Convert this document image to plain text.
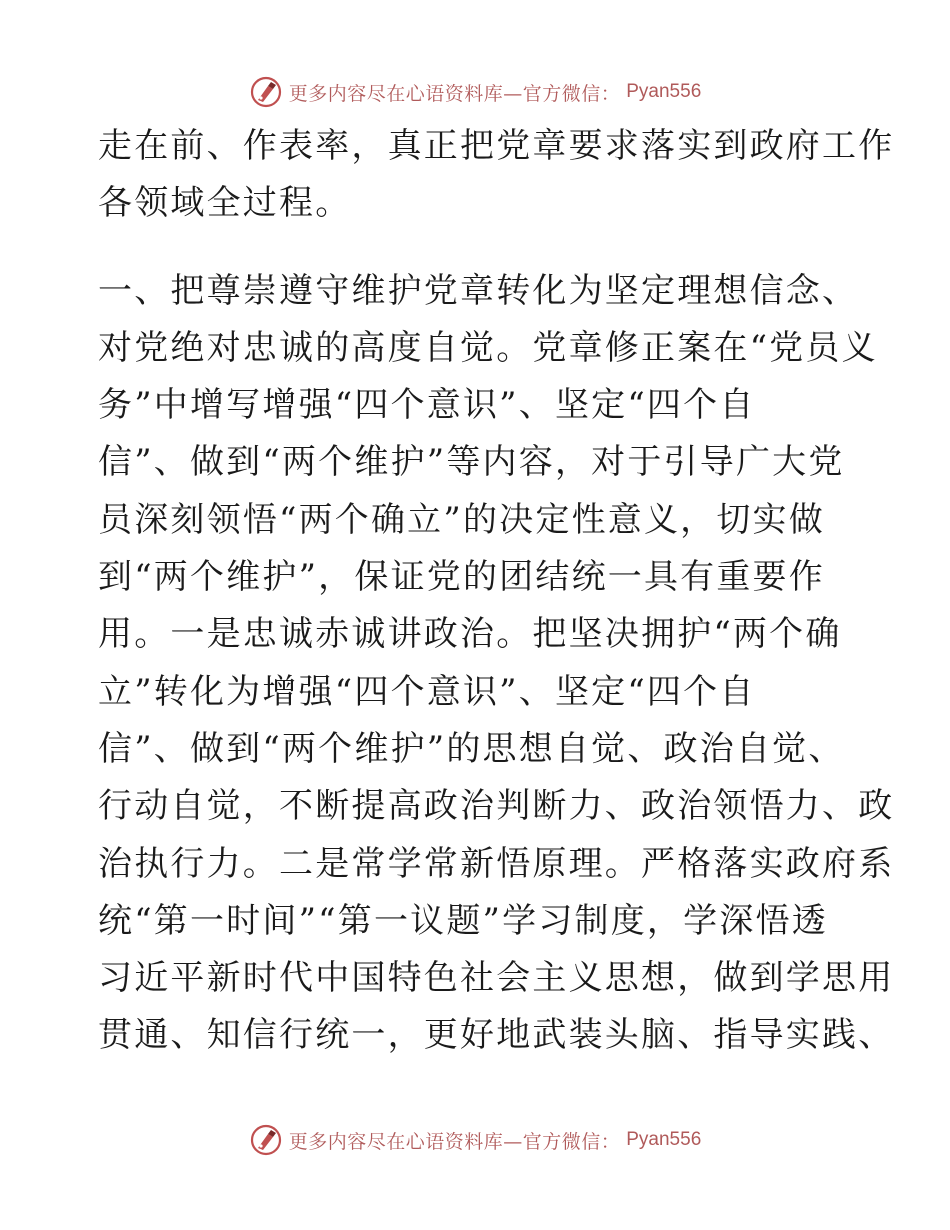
更多内容尽在心语资料库—官方微信： Pyan556
走在前、作表率，真正把党章要求落实到政府工作
各领域全过程。
一、把尊崇遵守维护党章转化为坚定理想信念、
对党绝对忠诚的高度自觉。党章修正案在“党员义
务”中增写增强“四个意识”、坚定“四个自
信”、做到“两个维护”等内容，对于引导广大党
员深刻领悟“两个确立”的决定性意义，切实做
到“两个维护”，保证党的团结统一具有重要作
用。一是忠诚赤诚讲政治。把坚决拥护“两个确
立”转化为增强“四个意识”、坚定“四个自
信”、做到“两个维护”的思想自觉、政治自觉、
行动自觉，不断提高政治判断力、政治领悟力、政
治执行力。二是常学常新悟原理。严格落实政府系
统“第一时间”“第一议题”学习制度，学深悟透
习近平新时代中国特色社会主义思想，做到学思用
贯通、知信行统一，更好地武装头脑、指导实践、
更多内容尽在心语资料库—官方微信： Pyan556
